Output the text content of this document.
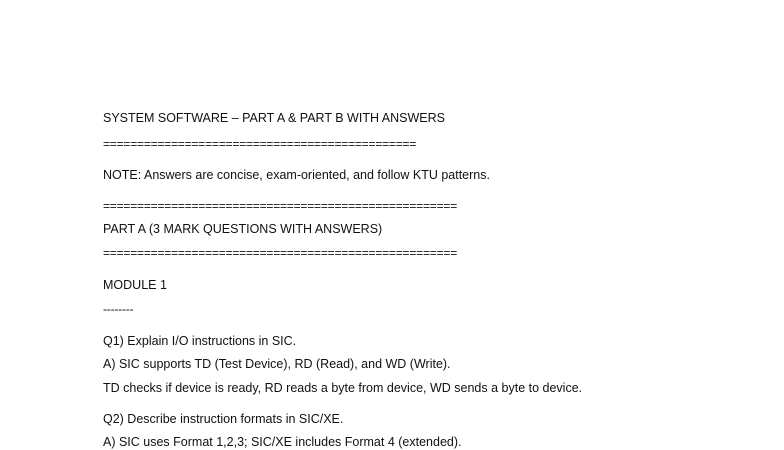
SYSTEM SOFTWARE – PART A & PART B WITH ANSWERS
==============================================
NOTE: Answers are concise, exam-oriented, and follow KTU patterns.
====================================================
PART A (3 MARK QUESTIONS WITH ANSWERS)
====================================================
MODULE 1
--------
Q1) Explain I/O instructions in SIC.
A) SIC supports TD (Test Device), RD (Read), and WD (Write).
TD checks if device is ready, RD reads a byte from device, WD sends a byte to device.
Q2) Describe instruction formats in SIC/XE.
A) SIC uses Format 1,2,3; SIC/XE includes Format 4 (extended).
